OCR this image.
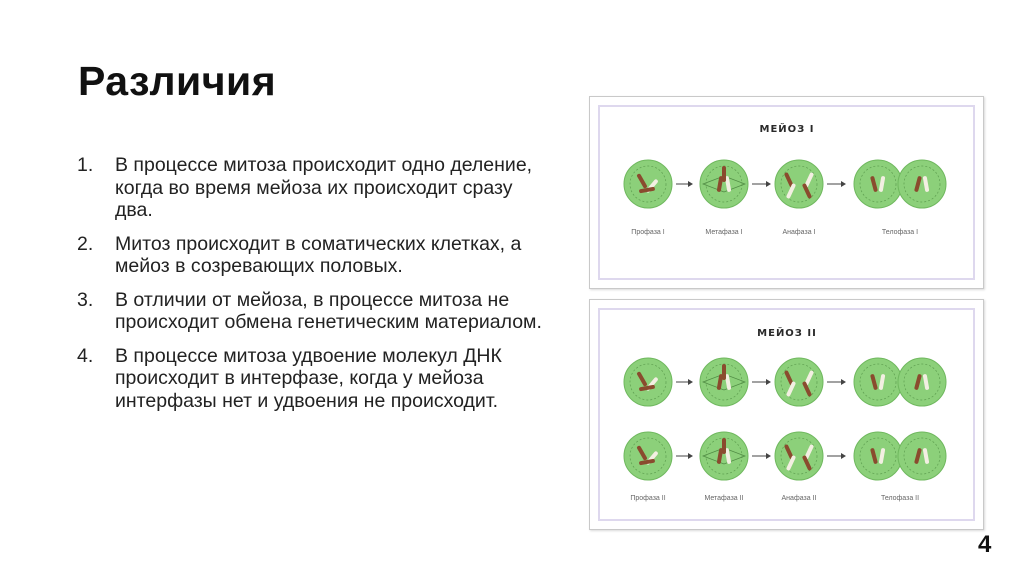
Различия
1.	В процессе митоза происходит одно деление, когда во время мейоза их происходит сразу два.
2.	Митоз происходит в соматических клетках, а мейоз в созревающих половых.
3.	В отличии от мейоза, в процессе митоза не происходит обмена генетическим материалом.
4.	В процессе митоза удвоение молекул ДНК происходит в интерфазе, когда у мейоза интерфазы нет и удвоения не происходит.
МЕЙОЗ I
Профаза I	Метафаза I	Анафаза I	Телофаза I
МЕЙОЗ II
Профаза II	Метафаза II	Анафаза II	Телофаза II
4
